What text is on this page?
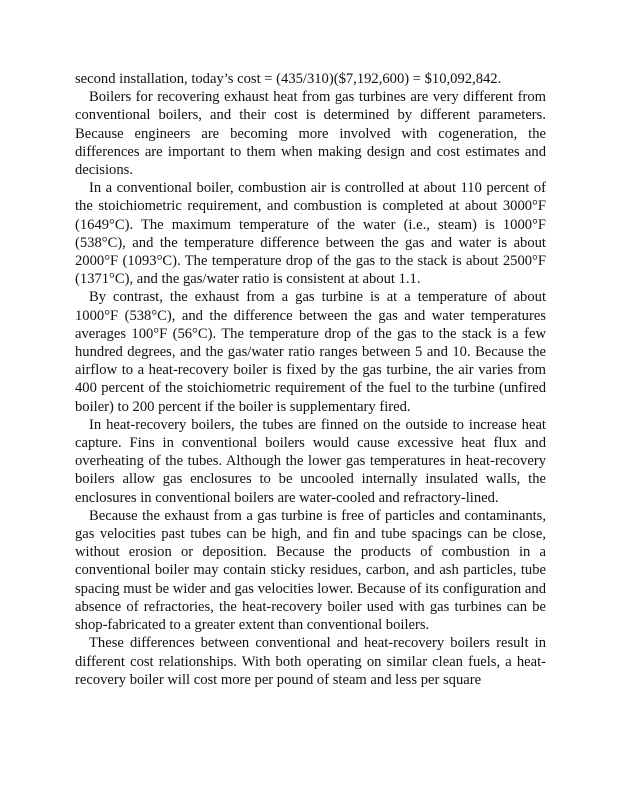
second installation, today’s cost = (435/310)($7,192,600) = $10,092,842.

Boilers for recovering exhaust heat from gas turbines are very different from conventional boilers, and their cost is determined by different parameters. Because engineers are becoming more involved with cogeneration, the differences are important to them when making design and cost estimates and decisions.

In a conventional boiler, combustion air is controlled at about 110 percent of the stoichiometric requirement, and combustion is completed at about 3000°F (1649°C). The maximum temperature of the water (i.e., steam) is 1000°F (538°C), and the temperature difference between the gas and water is about 2000°F (1093°C). The temperature drop of the gas to the stack is about 2500°F (1371°C), and the gas/water ratio is consistent at about 1.1.

By contrast, the exhaust from a gas turbine is at a temperature of about 1000°F (538°C), and the difference between the gas and water temperatures averages 100°F (56°C). The temperature drop of the gas to the stack is a few hundred degrees, and the gas/water ratio ranges between 5 and 10. Because the airflow to a heat-recovery boiler is fixed by the gas turbine, the air varies from 400 percent of the stoichiometric requirement of the fuel to the turbine (unfired boiler) to 200 percent if the boiler is supplementary fired.

In heat-recovery boilers, the tubes are finned on the outside to increase heat capture. Fins in conventional boilers would cause excessive heat flux and overheating of the tubes. Although the lower gas temperatures in heat-recovery boilers allow gas enclosures to be uncooled internally insulated walls, the enclosures in conventional boilers are water-cooled and refractory-lined.

Because the exhaust from a gas turbine is free of particles and contaminants, gas velocities past tubes can be high, and fin and tube spacings can be close, without erosion or deposition. Because the products of combustion in a conventional boiler may contain sticky residues, carbon, and ash particles, tube spacing must be wider and gas velocities lower. Because of its configuration and absence of refractories, the heat-recovery boiler used with gas turbines can be shop-fabricated to a greater extent than conventional boilers.

These differences between conventional and heat-recovery boilers result in different cost relationships. With both operating on similar clean fuels, a heat-recovery boiler will cost more per pound of steam and less per square
